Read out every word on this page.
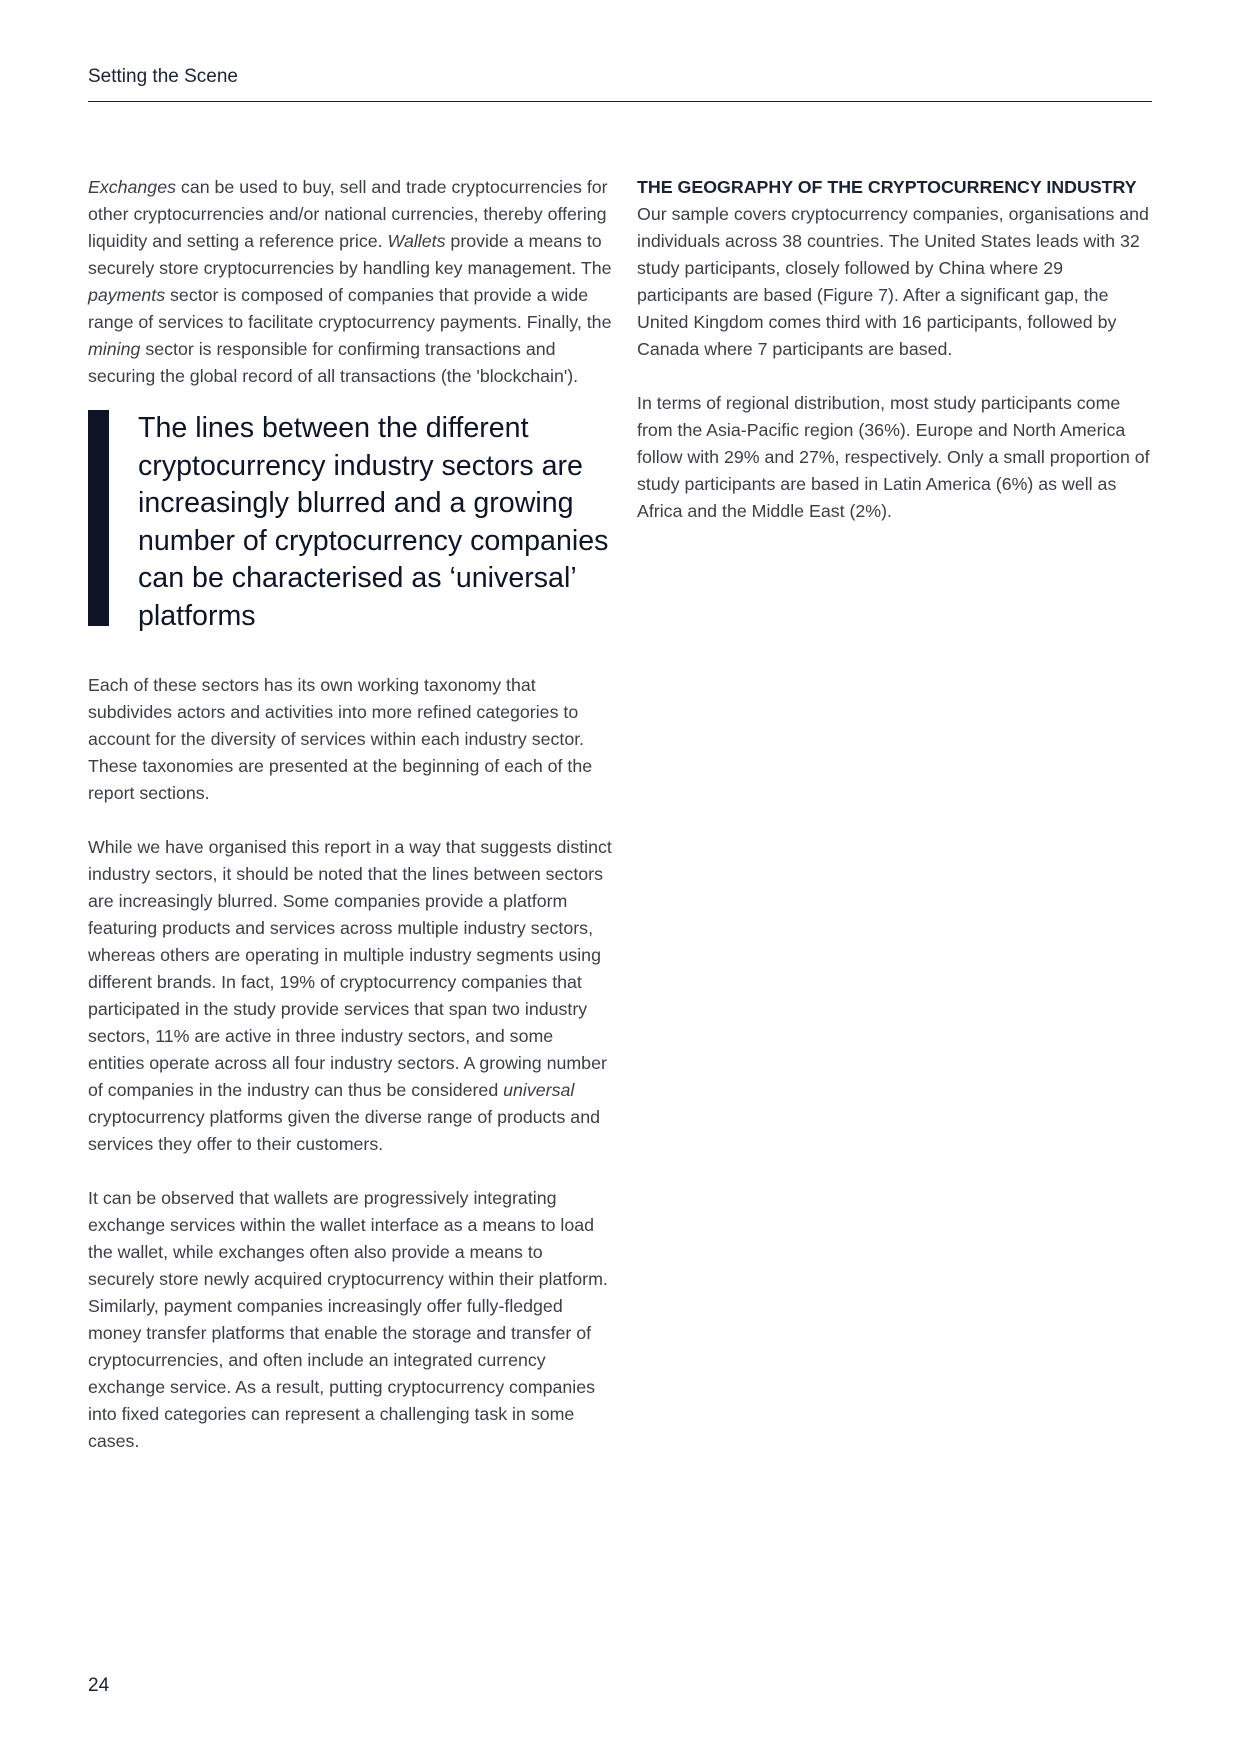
Setting the Scene

Exchanges can be used to buy, sell and trade cryptocurrencies for other cryptocurrencies and/or national currencies, thereby offering liquidity and setting a reference price. Wallets provide a means to securely store cryptocurrencies by handling key management. The payments sector is composed of companies that provide a wide range of services to facilitate cryptocurrency payments. Finally, the mining sector is responsible for confirming transactions and securing the global record of all transactions (the 'blockchain').

The lines between the different cryptocurrency industry sectors are increasingly blurred and a growing number of cryptocurrency companies can be characterised as ‘universal’ platforms

Each of these sectors has its own working taxonomy that subdivides actors and activities into more refined categories to account for the diversity of services within each industry sector. These taxonomies are presented at the beginning of each of the report sections.

While we have organised this report in a way that suggests distinct industry sectors, it should be noted that the lines between sectors are increasingly blurred. Some companies provide a platform featuring products and services across multiple industry sectors, whereas others are operating in multiple industry segments using different brands. In fact, 19% of cryptocurrency companies that participated in the study provide services that span two industry sectors, 11% are active in three industry sectors, and some entities operate across all four industry sectors. A growing number of companies in the industry can thus be considered universal cryptocurrency platforms given the diverse range of products and services they offer to their customers.

It can be observed that wallets are progressively integrating exchange services within the wallet interface as a means to load the wallet, while exchanges often also provide a means to securely store newly acquired cryptocurrency within their platform. Similarly, payment companies increasingly offer fully-fledged money transfer platforms that enable the storage and transfer of cryptocurrencies, and often include an integrated currency exchange service. As a result, putting cryptocurrency companies into fixed categories can represent a challenging task in some cases.

THE GEOGRAPHY OF THE CRYPTOCURRENCY INDUSTRY

Our sample covers cryptocurrency companies, organisations and individuals across 38 countries. The United States leads with 32 study participants, closely followed by China where 29 participants are based (Figure 7). After a significant gap, the United Kingdom comes third with 16 participants, followed by Canada where 7 participants are based.

In terms of regional distribution, most study participants come from the Asia-Pacific region (36%). Europe and North America follow with 29% and 27%, respectively. Only a small proportion of study participants are based in Latin America (6%) as well as Africa and the Middle East (2%).

24
